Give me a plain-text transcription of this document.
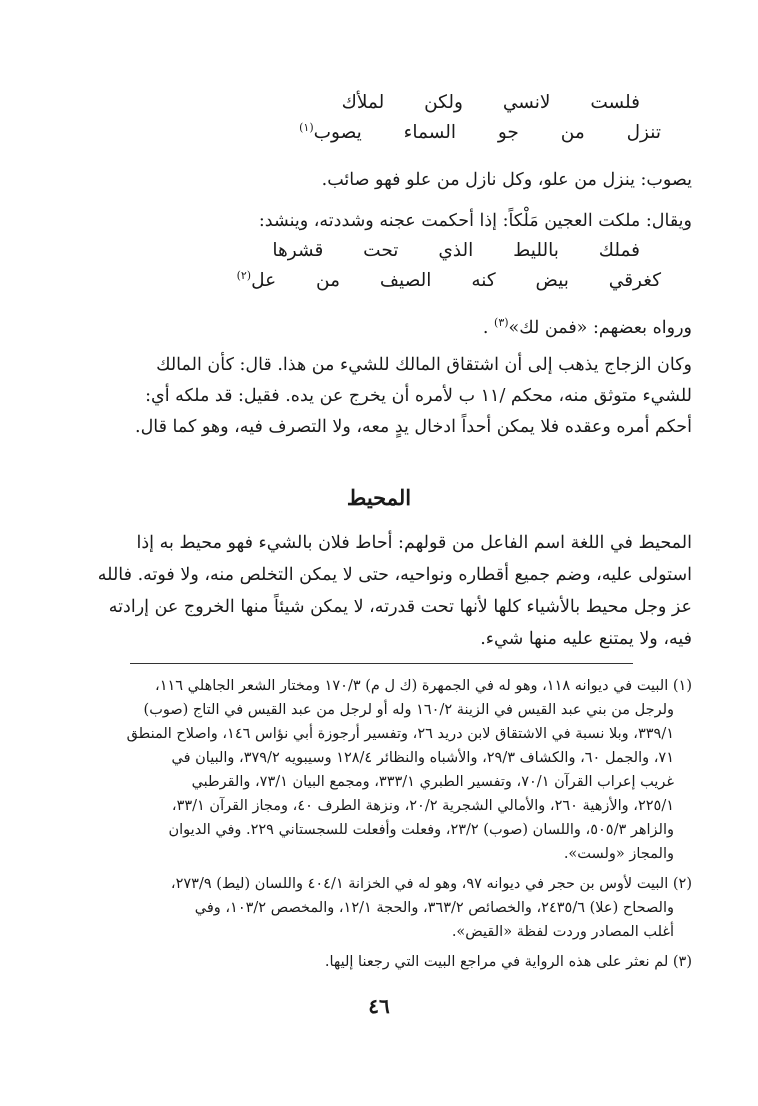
فلست لانسي ولكن لملأك
تنزل من جو السماء يصوب$^{(١)}$
يصوب: ينزل من علو، وكل نازل من علو فهو صائب.
ويقال: ملكت العجين مَلْكاً: إذا أحكمت عجنه وشددته، وينشد:
فملك بالليط الذي تحت قشرها
كغرقي بيض كنه الصيف من عل$^{(٢)}$
ورواه بعضهم: «فمن لك»$^{(٣)}$ .
وكان الزجاج يذهب إلى أن اشتقاق المالك للشيء من هذا. قال: كأن المالك
للشيء متوثق منه، محكم /١١ ب لأمره أن يخرج عن يده. فقيل: قد ملكه أي:
أحكم أمره وعقده فلا يمكن أحداً ادخال يدٍ معه، ولا التصرف فيه، وهو كما قال.
المحيط
المحيط في اللغة اسم الفاعل من قولهم: أحاط فلان بالشيء فهو محيط به إذا
استولى عليه، وضم جميع أقطاره ونواحيه، حتى لا يمكن التخلص منه، ولا فوته. فالله
عز وجل محيط بالأشياء كلها لأنها تحت قدرته، لا يمكن شيئاً منها الخروج عن إرادته
فيه، ولا يمتنع عليه منها شيء.
(١) البيت في ديوانه ١١٨، وهو له في الجمهرة (ك ل م) ١٧٠/٣ ومختار الشعر الجاهلي ١١٦،
ولرجل من بني عبد القيس في الزينة ١٦٠/٢ وله أو لرجل من عبد القيس في التاج (صوب)
٣٣٩/١، وبلا نسبة في الاشتقاق لابن دريد ٢٦، وتفسير أرجوزة أبي نؤاس ١٤٦، واصلاح المنطق
٧١، والجمل ٦٠، والكشاف ٢٩/٣، والأشباه والنظائر ١٢٨/٤ وسيبويه ٣٧٩/٢، والبيان في
غريب إعراب القرآن ٧٠/١، وتفسير الطبري ٣٣٣/١، ومجمع البيان ٧٣/١، والقرطبي
٢٢٥/١، والأزهية ٢٦٠، والأمالي الشجرية ٢٠/٢، ونزهة الطرف ٤٠، ومجاز القرآن ٣٣/١،
والزاهر ٥٠٥/٣، واللسان (صوب) ٢٣/٢، وفعلت وأفعلت للسجستاني ٢٢٩. وفي الديوان
والمجاز «ولست».
(٢) البيت لأوس بن حجر في ديوانه ٩٧، وهو له في الخزانة ٤٠٤/١ واللسان (ليط) ٢٧٣/٩،
والصحاح (علا) ٢٤٣٥/٦، والخصائص ٣٦٣/٢، والحجة ١٢/١، والمخصص ١٠٣/٢، وفي
أغلب المصادر وردت لفظة «القيض».
(٣) لم نعثر على هذه الرواية في مراجع البيت التي رجعنا إليها.
٤٦
